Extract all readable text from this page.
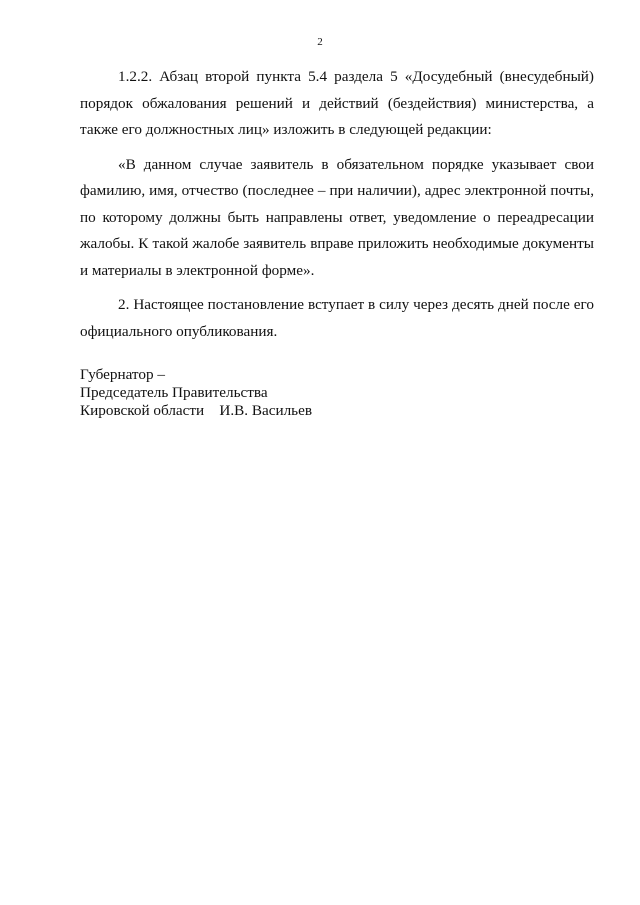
2

1.2.2. Абзац второй пункта 5.4 раздела 5 «Досудебный (внесудебный) порядок обжалования решений и действий (бездействия) министерства, а также его должностных лиц» изложить в следующей редакции:

«В данном случае заявитель в обязательном порядке указывает свои фамилию, имя, отчество (последнее – при наличии), адрес электронной почты, по которому должны быть направлены ответ, уведомление о переадресации жалобы. К такой жалобе заявитель вправе приложить необходимые документы и материалы в электронной форме».

2. Настоящее постановление вступает в силу через десять дней после его официального опубликования.

Губернатор –
Председатель Правительства
Кировской области    И.В. Васильев
